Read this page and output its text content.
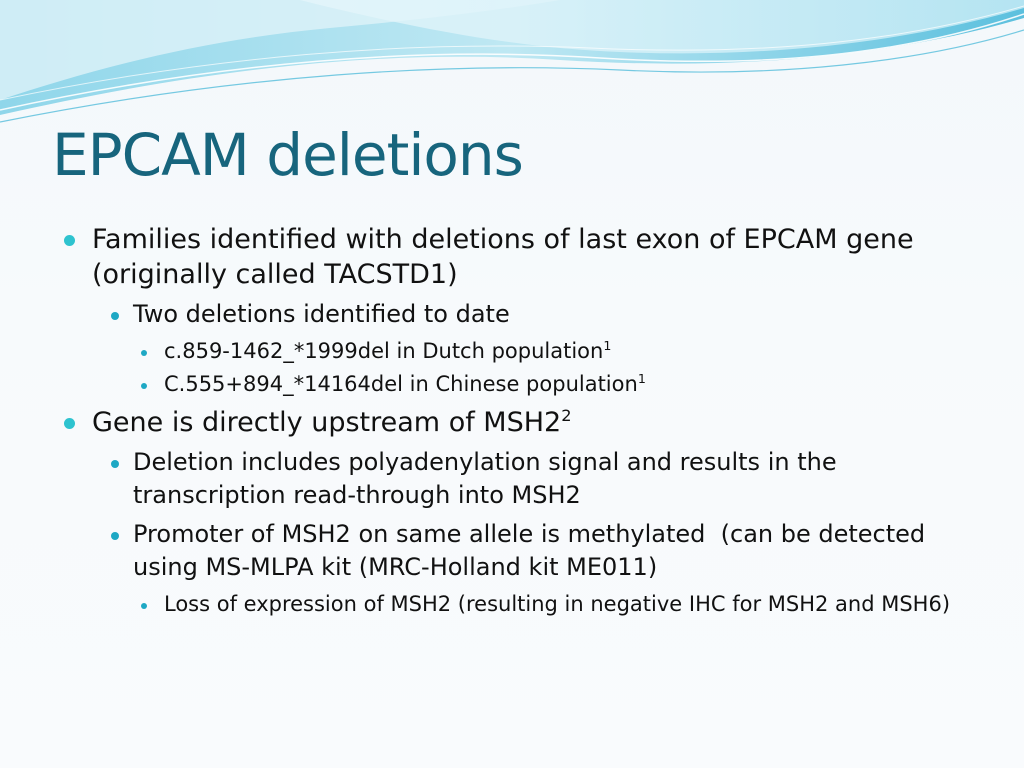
EPCAM deletions
Families identified with deletions of last exon of EPCAM gene (originally called TACSTD1)
Two deletions identified to date
c.859-1462_*1999del in Dutch population$^1$
C.555+894_*14164del in Chinese population$^1$
Gene is directly upstream of $MSH2^2$
Deletion includes polyadenylation signal and results in the transcription read-through into MSH2
Promoter of MSH2 on same allele is methylated  (can be detected using MS-MLPA kit (MRC-Holland kit ME011)
Loss of expression of MSH2 (resulting in negative IHC for MSH2 and MSH6)
